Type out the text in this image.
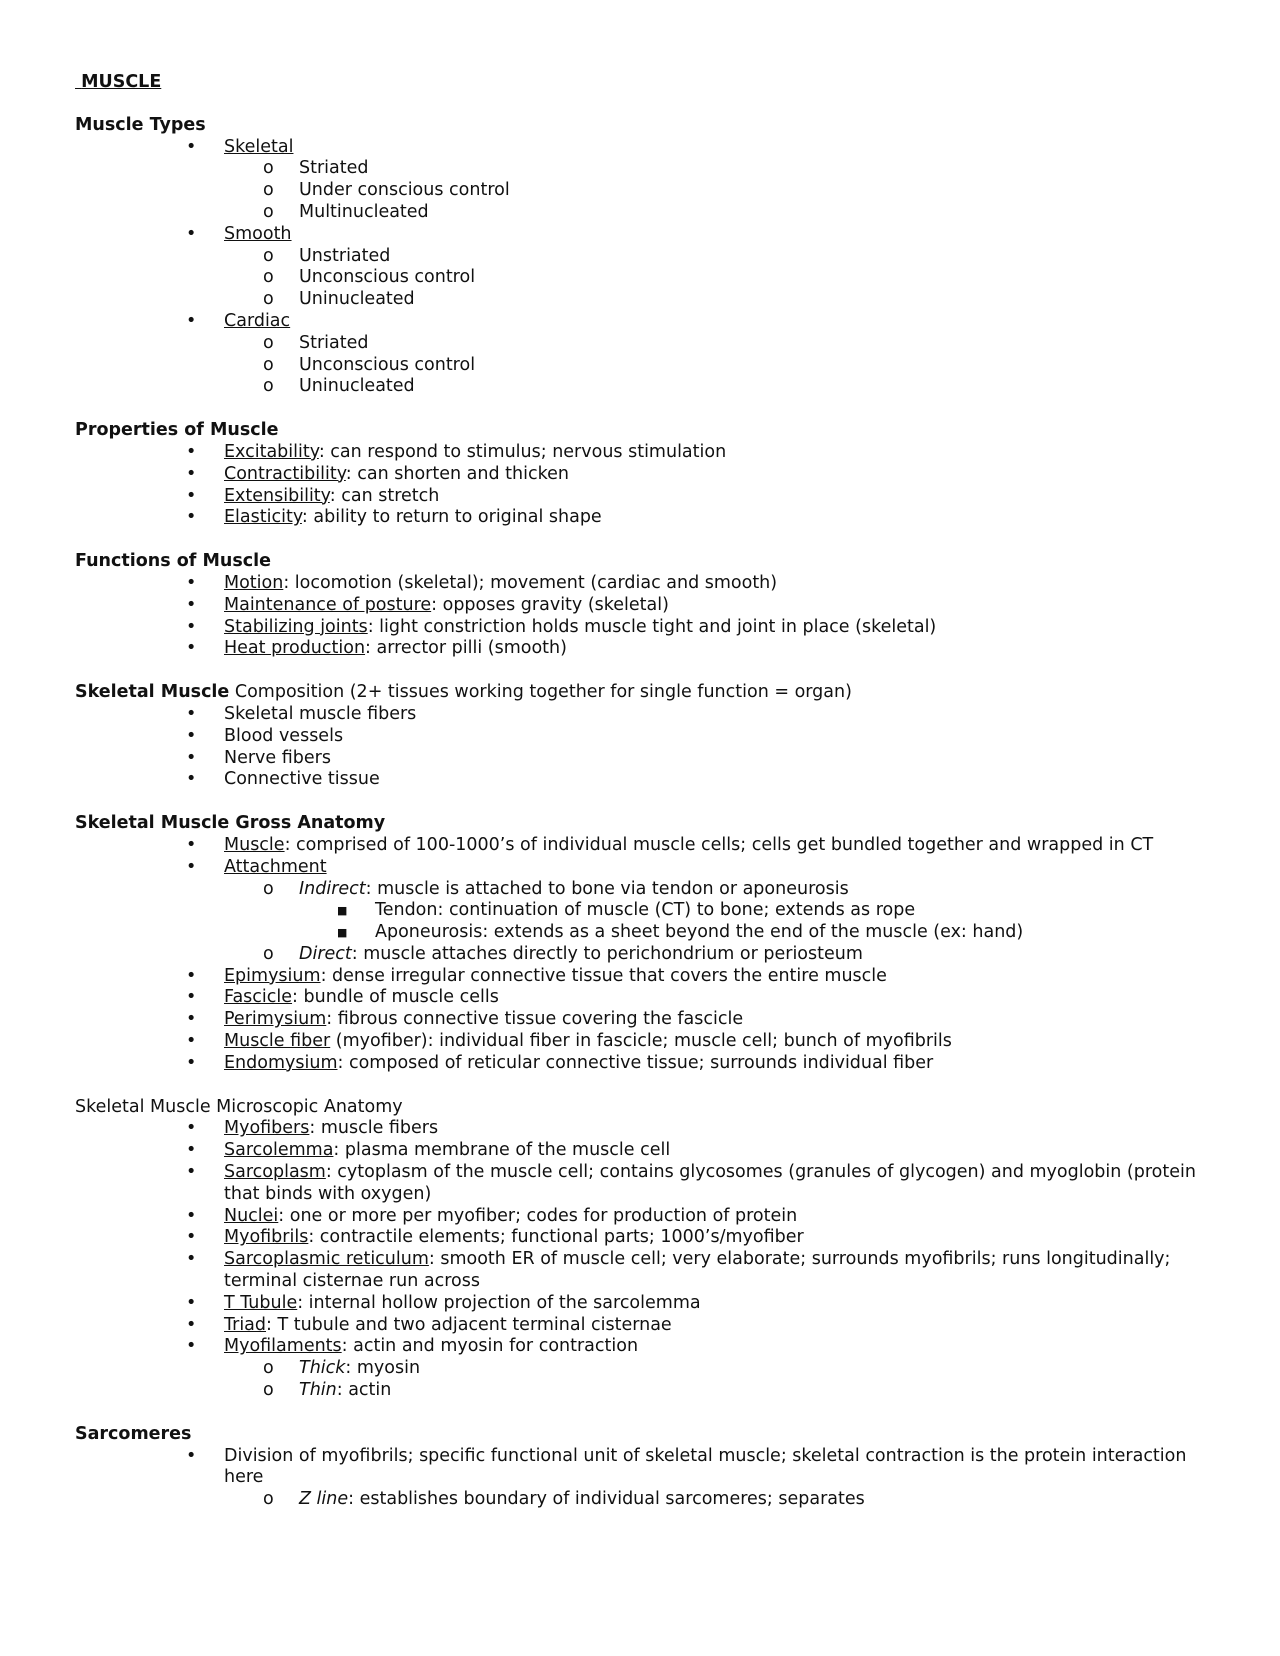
MUSCLE
Muscle Types
• Skeletal
o Striated
o Under conscious control
o Multinucleated
• Smooth
o Unstriated
o Unconscious control
o Uninucleated
• Cardiac
o Striated
o Unconscious control
o Uninucleated
Properties of Muscle
• Excitability: can respond to stimulus; nervous stimulation
• Contractibility: can shorten and thicken
• Extensibility: can stretch
• Elasticity: ability to return to original shape
Functions of Muscle
• Motion: locomotion (skeletal); movement (cardiac and smooth)
• Maintenance of posture: opposes gravity (skeletal)
• Stabilizing joints: light constriction holds muscle tight and joint in place (skeletal)
• Heat production: arrector pilli (smooth)
Skeletal Muscle Composition (2+ tissues working together for single function = organ)
• Skeletal muscle fibers
• Blood vessels
• Nerve fibers
• Connective tissue
Skeletal Muscle Gross Anatomy
• Muscle: comprised of 100-1000’s of individual muscle cells; cells get bundled together and wrapped in CT
• Attachment
o Indirect: muscle is attached to bone via tendon or aponeurosis
■ Tendon: continuation of muscle (CT) to bone; extends as rope
■ Aponeurosis: extends as a sheet beyond the end of the muscle (ex: hand)
o Direct: muscle attaches directly to perichondrium or periosteum
• Epimysium: dense irregular connective tissue that covers the entire muscle
• Fascicle: bundle of muscle cells
• Perimysium: fibrous connective tissue covering the fascicle
• Muscle fiber (myofiber): individual fiber in fascicle; muscle cell; bunch of myofibrils
• Endomysium: composed of reticular connective tissue; surrounds individual fiber
Skeletal Muscle Microscopic Anatomy
• Myofibers: muscle fibers
• Sarcolemma: plasma membrane of the muscle cell
• Sarcoplasm: cytoplasm of the muscle cell; contains glycosomes (granules of glycogen) and myoglobin (protein that binds with oxygen)
• Nuclei: one or more per myofiber; codes for production of protein
• Myofibrils: contractile elements; functional parts; 1000’s/myofiber
• Sarcoplasmic reticulum: smooth ER of muscle cell; very elaborate; surrounds myofibrils; runs longitudinally; terminal cisternae run across
• T Tubule: internal hollow projection of the sarcolemma
• Triad: T tubule and two adjacent terminal cisternae
• Myofilaments: actin and myosin for contraction
o Thick: myosin
o Thin: actin
Sarcomeres
• Division of myofibrils; specific functional unit of skeletal muscle; skeletal contraction is the protein interaction here
o Z line: establishes boundary of individual sarcomeres; separates
